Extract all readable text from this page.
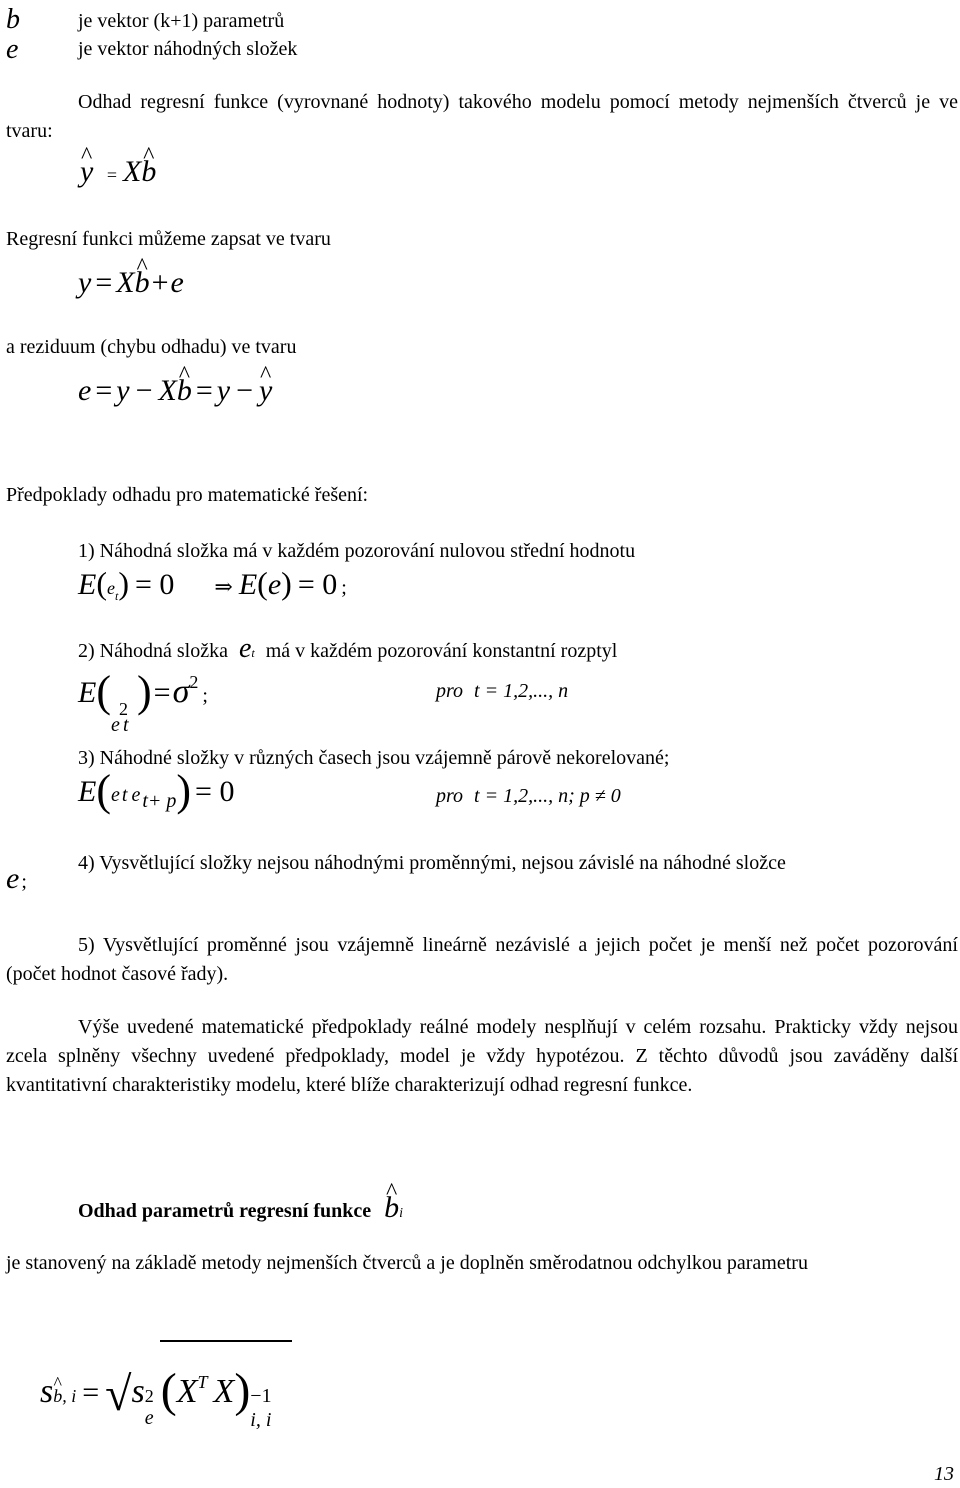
b	je vektor (k+1) parametrů
e	je vektor náhodných složek
Odhad regresní funkce (vyrovnané hodnoty) takového modelu pomocí metody nejmenších čtverců je ve tvaru:
^ y = X^ b
Regresní funkci můžeme zapsat ve tvaru
y = X^ b+e
a reziduum (chybu odhadu) ve tvaru
e = y − X^ b = y − ^ y
Předpoklady odhadu pro matematické řešení:
1) Náhodná složka má v každém pozorování nulovou střední hodnotu
$E(e_t) = 0$ ⇒ E(e) = 0 ;
2) Náhodná složka et má v každém pozorování konstantní rozptyl
E(
e t
2 )$=\sigma^2$;	pro t = 1,2,..., n
3) Náhodné složky v různých časech jsou vzájemně párově nekorelované;
E(e t e $_{t+ p}$) = 0	pro t = 1,2,..., n; p ≠ 0
e ;
4) Vysvětlující složky nejsou náhodnými proměnnými, nejsou závislé na náhodné složce
5) Vysvětlující proměnné jsou vzájemně lineárně nezávislé a jejich počet je menší než počet pozorování (počet hodnot časové řady).
Výše uvedené matematické předpoklady reálné modely nesplňují v celém rozsahu. Prakticky vždy nejsou zcela splněny všechny uvedené předpoklady, model je vždy hypotézou. Z těchto důvodů jsou zaváděny další kvantitativní charakteristiky modelu, které blíže charakterizují odhad regresní funkce.
Odhad parametrů regresní funkce ^ bi
je stanovený na základě metody nejmenších čtverců a je doplněn směrodatnou odchylkou parametru
s^ b, i = √s 2
e
($X^T$ X) −1
i, i
13
